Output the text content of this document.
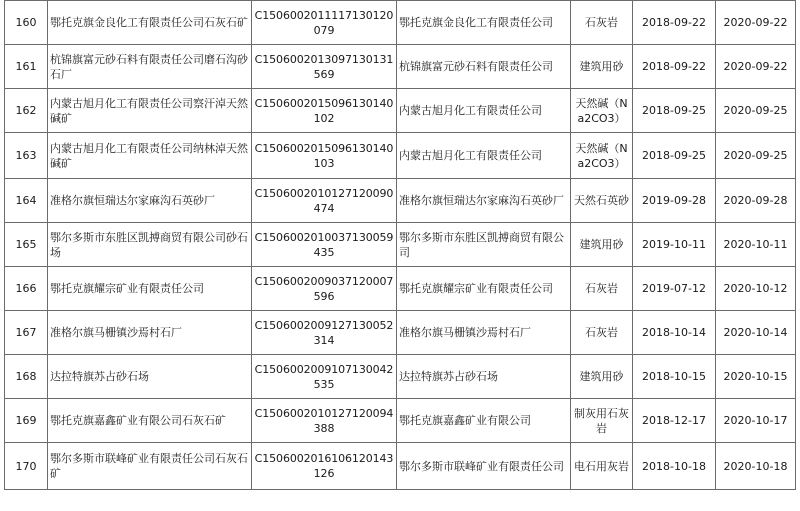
160	鄂托克旗金良化工有限责任公司石灰石矿	C1506002011117130120079	鄂托克旗金良化工有限责任公司	石灰岩	2018-09-22	2020-09-22
161	杭锦旗富元砂石料有限责任公司磨石沟砂石厂	C1506002013097130131569	杭锦旗富元砂石料有限责任公司	建筑用砂	2018-09-22	2020-09-22
162	内蒙古旭月化工有限责任公司察汗淖天然碱矿	C1506002015096130140102	内蒙古旭月化工有限责任公司	天然碱（Na2CO3）	2018-09-25	2020-09-25
163	内蒙古旭月化工有限责任公司纳林淖天然碱矿	C1506002015096130140103	内蒙古旭月化工有限责任公司	天然碱（Na2CO3）	2018-09-25	2020-09-25
164	准格尔旗恒瑞达尔家麻沟石英砂厂	C1506002010127120090474	准格尔旗恒瑞达尔家麻沟石英砂厂	天然石英砂	2019-09-28	2020-09-28
165	鄂尔多斯市东胜区凯搏商贸有限公司砂石场	C1506002010037130059435	鄂尔多斯市东胜区凯搏商贸有限公司	建筑用砂	2019-10-11	2020-10-11
166	鄂托克旗耀宗矿业有限责任公司	C1506002009037120007596	鄂托克旗耀宗矿业有限责任公司	石灰岩	2019-07-12	2020-10-12
167	准格尔旗马栅镇沙焉村石厂	C1506002009127130052314	准格尔旗马栅镇沙焉村石厂	石灰岩	2018-10-14	2020-10-14
168	达拉特旗苏占砂石场	C1506002009107130042535	达拉特旗苏占砂石场	建筑用砂	2018-10-15	2020-10-15
169	鄂托克旗嘉鑫矿业有限公司石灰石矿	C1506002010127120094388	鄂托克旗嘉鑫矿业有限公司	制灰用石灰岩	2018-12-17	2020-10-17
170	鄂尔多斯市联峰矿业有限责任公司石灰石矿	C1506002016106120143126	鄂尔多斯市联峰矿业有限责任公司	电石用灰岩	2018-10-18	2020-10-18
